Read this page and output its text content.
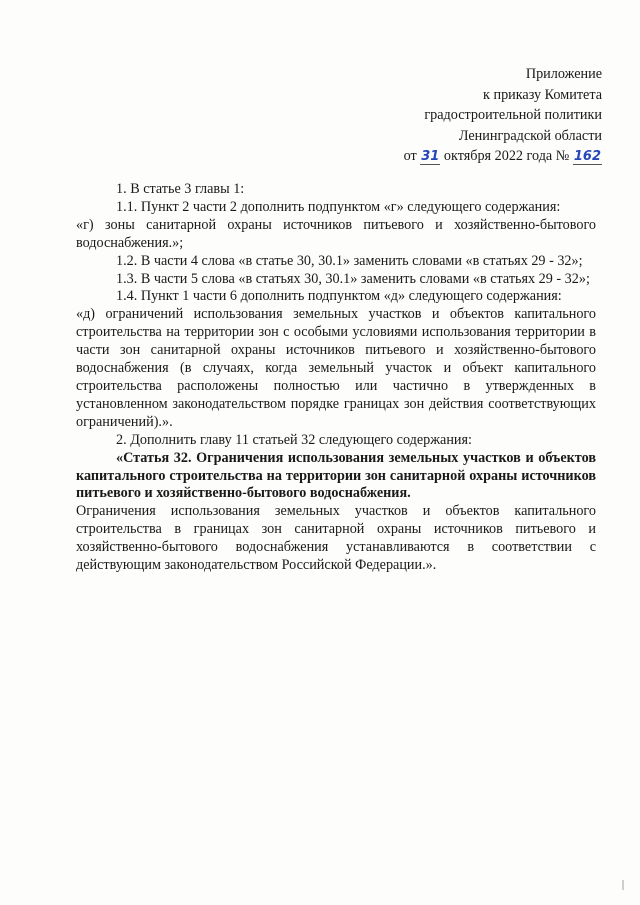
Приложение
к приказу Комитета
градостроительной политики
Ленинградской области
от 31 октября 2022 года № 162

1. В статье 3 главы 1:

1.1. Пункт 2 части 2 дополнить подпунктом «г» следующего содержания:

«г) зоны санитарной охраны источников питьевого и хозяйственно-бытового водоснабжения.»;

1.2. В части 4 слова «в статье 30, 30.1» заменить словами «в статьях 29 - 32»;

1.3. В части 5 слова «в статьях 30, 30.1» заменить словами «в статьях 29 - 32»;

1.4. Пункт 1 части 6 дополнить подпунктом «д» следующего содержания:

«д) ограничений использования земельных участков и объектов капитального строительства на территории зон с особыми условиями использования территории в части зон санитарной охраны источников питьевого и хозяйственно-бытового водоснабжения (в случаях, когда земельный участок и объект капитального строительства расположены полностью или частично в утвержденных в установленном законодательством порядке границах зон действия соответствующих ограничений).».

2. Дополнить главу 11 статьей 32 следующего содержания:

«Статья 32. Ограничения использования земельных участков и объектов капитального строительства на территории зон санитарной охраны источников питьевого и хозяйственно-бытового водоснабжения.

Ограничения использования земельных участков и объектов капитального строительства в границах зон санитарной охраны источников питьевого и хозяйственно-бытового водоснабжения устанавливаются в соответствии с действующим законодательством Российской Федерации.».
